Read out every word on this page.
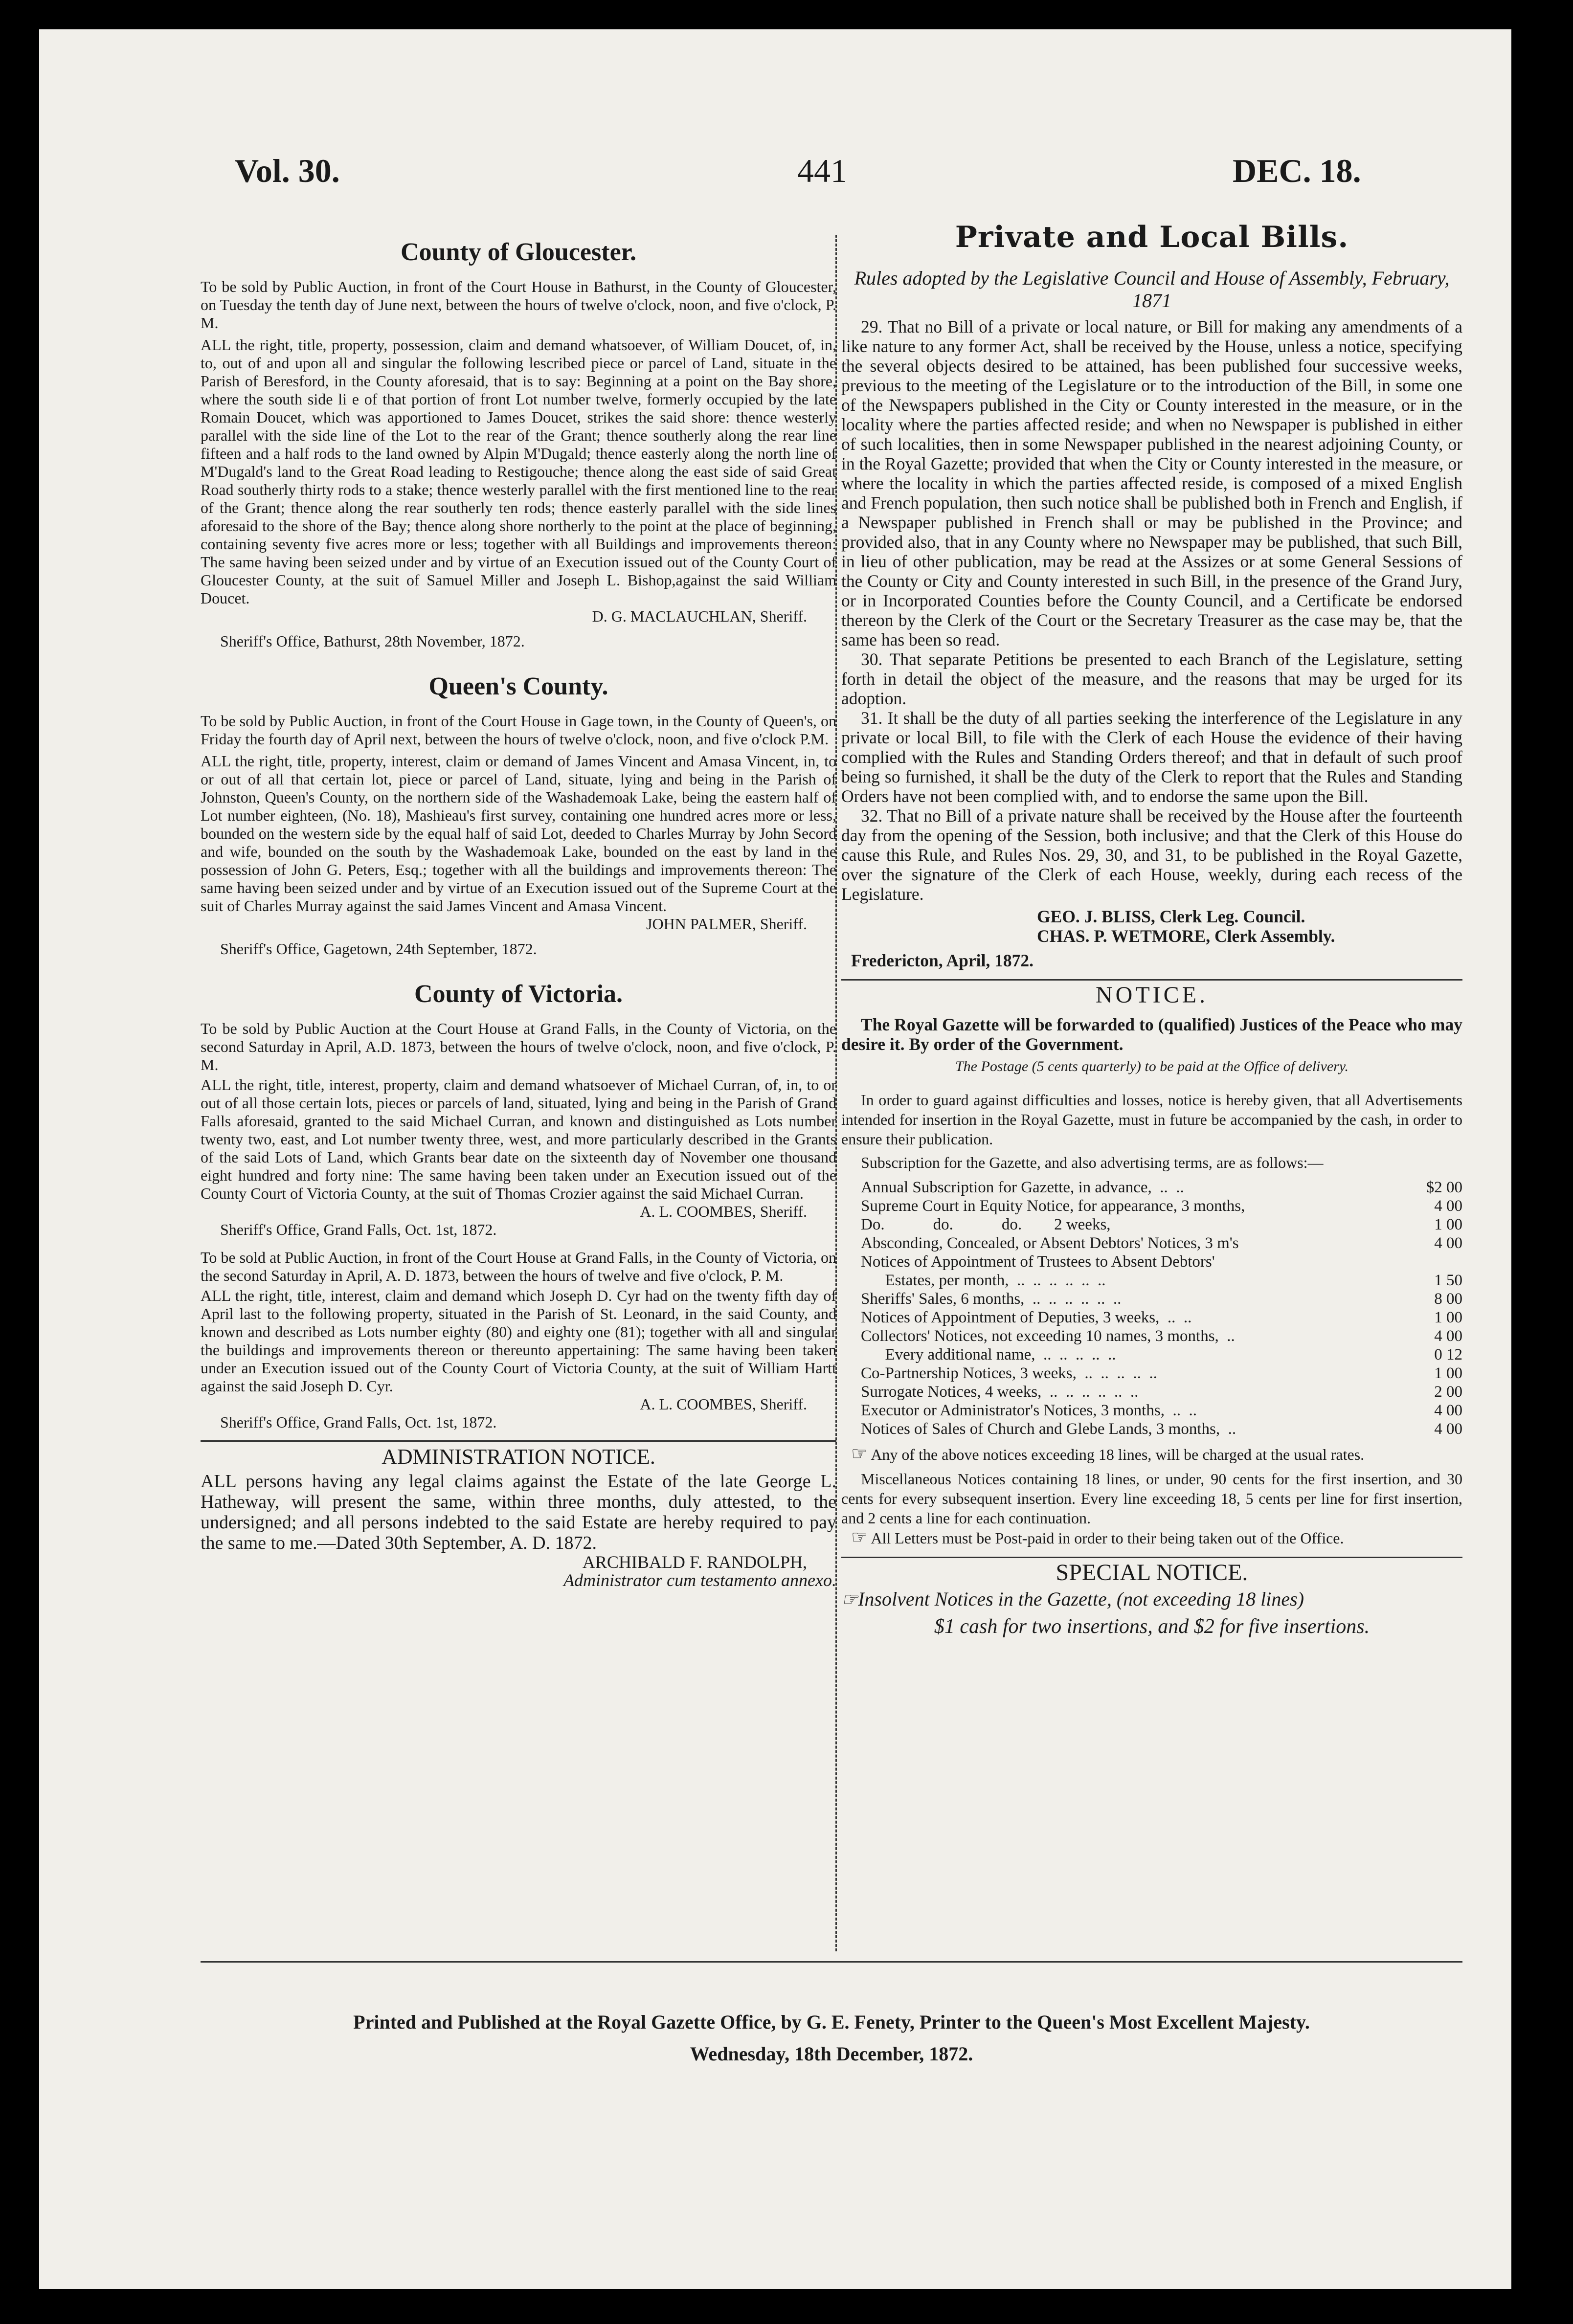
Vol. 30.	441	DEC. 18.
County of Gloucester.

To be sold by Public Auction, in front of the Court House in Bathurst, in the County of Gloucester, on Tuesday the tenth day of June next, between the hours of twelve o'clock, noon, and five o'clock, P. M.

ALL the right, title, property, possession, claim and demand whatsoever, of William Doucet, of, in, to, out of and upon all and singular the following lescribed piece or parcel of Land, situate in the Parish of Beresford, in the County aforesaid, that is to say: Beginning at a point on the Bay shore, where the south side li e of that portion of front Lot number twelve, formerly occupied by the late Romain Doucet, which was apportioned to James Doucet, strikes the said shore: thence westerly parallel with the side line of the Lot to the rear of the Grant; thence southerly along the rear line fifteen and a half rods to the land owned by Alpin M'Dugald; thence easterly along the north line of M'Dugald's land to the Great Road leading to Restigouche; thence along the east side of said Great Road southerly thirty rods to a stake; thence westerly parallel with the first mentioned line to the rear of the Grant; thence along the rear southerly ten rods; thence easterly parallel with the side lines aforesaid to the shore of the Bay; thence along shore northerly to the point at the place of beginning, containing seventy five acres more or less; together with all Buildings and improvements thereon: The same having been seized under and by virtue of an Execution issued out of the County Court of Gloucester County, at the suit of Samuel Miller and Joseph L. Bishop,against the said William Doucet.

D. G. MACLAUCHLAN, Sheriff.

Sheriff's Office, Bathurst, 28th November, 1872.

Queen's County.

To be sold by Public Auction, in front of the Court House in Gage town, in the County of Queen's, on Friday the fourth day of April next, between the hours of twelve o'clock, noon, and five o'clock P.M.

ALL the right, title, property, interest, claim or demand of James Vincent and Amasa Vincent, in, to or out of all that certain lot, piece or parcel of Land, situate, lying and being in the Parish of Johnston, Queen's County, on the northern side of the Washademoak Lake, being the eastern half of Lot number eighteen, (No. 18), Mashieau's first survey, containing one hundred acres more or less, bounded on the western side by the equal half of said Lot, deeded to Charles Murray by John Secord and wife, bounded on the south by the Washademoak Lake, bounded on the east by land in the possession of John G. Peters, Esq.; together with all the buildings and improvements thereon: The same having been seized under and by virtue of an Execution issued out of the Supreme Court at the suit of Charles Murray against the said James Vincent and Amasa Vincent.

JOHN PALMER, Sheriff.

Sheriff's Office, Gagetown, 24th September, 1872.

County of Victoria.

To be sold by Public Auction at the Court House at Grand Falls, in the County of Victoria, on the second Saturday in April, A.D. 1873, between the hours of twelve o'clock, noon, and five o'clock, P. M.

ALL the right, title, interest, property, claim and demand whatsoever of Michael Curran, of, in, to or out of all those certain lots, pieces or parcels of land, situated, lying and being in the Parish of Grand Falls aforesaid, granted to the said Michael Curran, and known and distinguished as Lots number twenty two, east, and Lot number twenty three, west, and more particularly described in the Grants of the said Lots of Land, which Grants bear date on the sixteenth day of November one thousand eight hundred and forty nine: The same having been taken under an Execution issued out of the County Court of Victoria County, at the suit of Thomas Crozier against the said Michael Curran.

A. L. COOMBES, Sheriff.

Sheriff's Office, Grand Falls, Oct. 1st, 1872.

To be sold at Public Auction, in front of the Court House at Grand Falls, in the County of Victoria, on the second Saturday in April, A. D. 1873, between the hours of twelve and five o'clock, P. M.

ALL the right, title, interest, claim and demand which Joseph D. Cyr had on the twenty fifth day of April last to the following property, situated in the Parish of St. Leonard, in the said County, and known and described as Lots number eighty (80) and eighty one (81); together with all and singular the buildings and improvements thereon or thereunto appertaining: The same having been taken under an Execution issued out of the County Court of Victoria County, at the suit of William Hartt against the said Joseph D. Cyr.

A. L. COOMBES, Sheriff.

Sheriff's Office, Grand Falls, Oct. 1st, 1872.

ADMINISTRATION NOTICE.

ALL persons having any legal claims against the Estate of the late George L. Hatheway, will present the same, within three months, duly attested, to the undersigned; and all persons indebted to the said Estate are hereby required to pay the same to me.—Dated 30th September, A. D. 1872.

ARCHIBALD F. RANDOLPH,

Administrator cum testamento annexo.

Private and Local Bills.

Rules adopted by the Legislative Council and House of Assembly, February, 1871

29. That no Bill of a private or local nature, or Bill for making any amendments of a like nature to any former Act, shall be received by the House, unless a notice, specifying the several objects desired to be attained, has been published four successive weeks, previous to the meeting of the Legislature or to the introduction of the Bill, in some one of the Newspapers published in the City or County interested in the measure, or in the locality where the parties affected reside; and when no Newspaper is published in either of such localities, then in some Newspaper published in the nearest adjoining County, or in the Royal Gazette; provided that when the City or County interested in the measure, or where the locality in which the parties affected reside, is composed of a mixed English and French population, then such notice shall be published both in French and English, if a Newspaper published in French shall or may be published in the Province; and provided also, that in any County where no Newspaper may be published, that such Bill, in lieu of other publication, may be read at the Assizes or at some General Sessions of the County or City and County interested in such Bill, in the presence of the Grand Jury, or in Incorporated Counties before the County Council, and a Certificate be endorsed thereon by the Clerk of the Court or the Secretary Treasurer as the case may be, that the same has been so read.

30. That separate Petitions be presented to each Branch of the Legislature, setting forth in detail the object of the measure, and the reasons that may be urged for its adoption.

31. It shall be the duty of all parties seeking the interference of the Legislature in any private or local Bill, to file with the Clerk of each House the evidence of their having complied with the Rules and Standing Orders thereof; and that in default of such proof being so furnished, it shall be the duty of the Clerk to report that the Rules and Standing Orders have not been complied with, and to endorse the same upon the Bill.

32. That no Bill of a private nature shall be received by the House after the fourteenth day from the opening of the Session, both inclusive; and that the Clerk of this House do cause this Rule, and Rules Nos. 29, 30, and 31, to be published in the Royal Gazette, over the signature of the Clerk of each House, weekly, during each recess of the Legislature.

GEO. J. BLISS, Clerk Leg. Council.

CHAS. P. WETMORE, Clerk Assembly.

Fredericton, April, 1872.

NOTICE.

The Royal Gazette will be forwarded to (qualified) Justices of the Peace who may desire it. By order of the Government.

The Postage (5 cents quarterly) to be paid at the Office of delivery.

In order to guard against difficulties and losses, notice is hereby given, that all Advertisements intended for insertion in the Royal Gazette, must in future be accompanied by the cash, in order to ensure their publication.

Subscription for the Gazette, and also advertising terms, are as follows:—

Annual Subscription for Gazette, in advance,  ..  ..	$2 00
Supreme Court in Equity Notice, for appearance, 3 months,	4 00
Do.            do.            do.        2 weeks,	1 00
Absconding, Concealed, or Absent Debtors' Notices, 3 m's	4 00
Notices of Appointment of Trustees to Absent Debtors'
Estates, per month,  ..  ..  ..  ..  ..  ..	1 50
Sheriffs' Sales, 6 months,  ..  ..  ..  ..  ..  ..	8 00
Notices of Appointment of Deputies, 3 weeks,  ..  ..	1 00
Collectors' Notices, not exceeding 10 names, 3 months,  ..	4 00
Every additional name,  ..  ..  ..  ..  ..	0 12
Co-Partnership Notices, 3 weeks,  ..  ..  ..  ..  ..	1 00
Surrogate Notices, 4 weeks,  ..  ..  ..  ..  ..  ..	2 00
Executor or Administrator's Notices, 3 months,  ..  ..	4 00
Notices of Sales of Church and Glebe Lands, 3 months,  ..	4 00

☞ Any of the above notices exceeding 18 lines, will be charged at the usual rates.

Miscellaneous Notices containing 18 lines, or under, 90 cents for the first insertion, and 30 cents for every subsequent insertion. Every line exceeding 18, 5 cents per line for first insertion, and 2 cents a line for each continuation.

☞ All Letters must be Post-paid in order to their being taken out of the Office.

SPECIAL NOTICE.

☞Insolvent Notices in the Gazette, (not exceeding 18 lines)

$1 cash for two insertions, and $2 for five insertions.

Printed and Published at the Royal Gazette Office, by G. E. Fenety, Printer to the Queen's Most Excellent Majesty.
Wednesday, 18th December, 1872.
